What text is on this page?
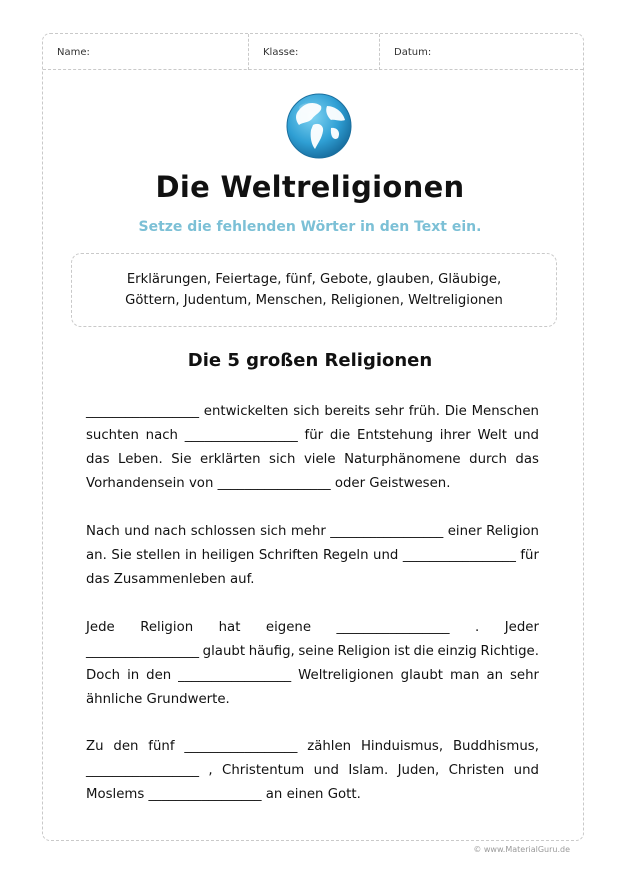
Name:	Klasse:	Datum:
Die Weltreligionen
Setze die fehlenden Wörter in den Text ein.
Erklärungen, Feiertage, fünf, Gebote, glauben, Gläubige,
Göttern, Judentum, Menschen, Religionen, Weltreligionen
Die 5 großen Religionen
_________________ entwickelten sich bereits sehr früh. Die Menschen
suchten nach _________________ für die Entstehung ihrer Welt und
das Leben. Sie erklärten sich viele Naturphänomene durch das
Vorhandensein von _________________ oder Geistwesen.
Nach und nach schlossen sich mehr _________________ einer Religion
an. Sie stellen in heiligen Schriften Regeln und _________________ für
das Zusammenleben auf.
Jede Religion hat eigene _________________ . Jeder
_________________ glaubt häufig, seine Religion ist die einzig Richtige.
Doch in den _________________ Weltreligionen glaubt man an sehr
ähnliche Grundwerte.
Zu den fünf _________________ zählen Hinduismus, Buddhismus,
_________________ , Christentum und Islam. Juden, Christen und
Moslems _________________ an einen Gott.
© www.MaterialGuru.de
